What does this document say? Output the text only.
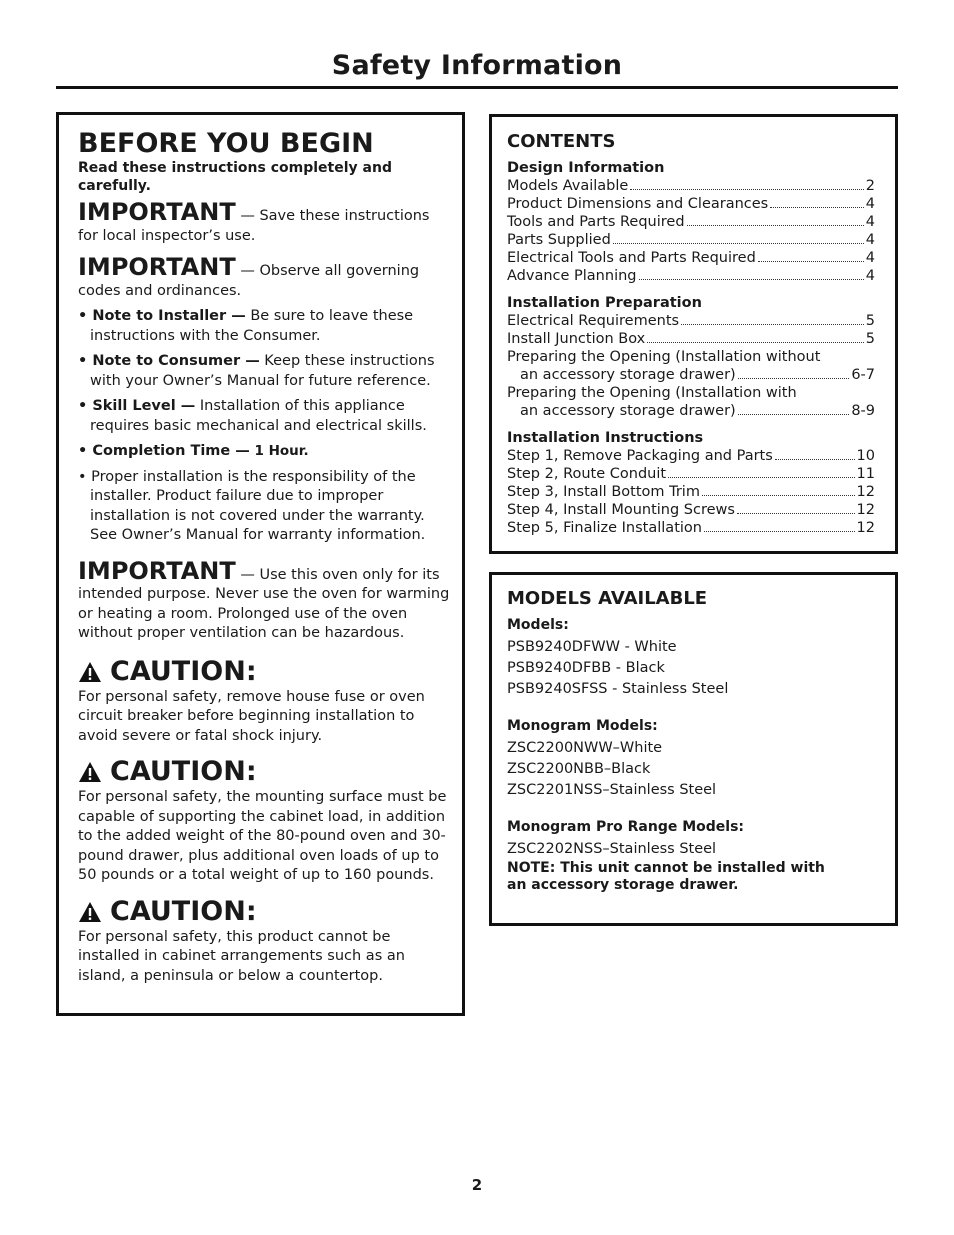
Safety Information

BEFORE YOU BEGIN

Read these instructions completely and carefully.

IMPORTANT — Save these instructions for local inspector’s use.

IMPORTANT — Observe all governing codes and ordinances.

• Note to Installer — Be sure to leave these instructions with the Consumer.

• Note to Consumer — Keep these instructions with your Owner’s Manual for future reference.

• Skill Level — Installation of this appliance requires basic mechanical and electrical skills.

• Completion Time — 1 Hour.

• Proper installation is the responsibility of the installer. Product failure due to improper installation is not covered under the warranty. See Owner’s Manual for warranty information.

IMPORTANT — Use this oven only for its intended purpose. Never use the oven for warming or heating a room. Prolonged use of the oven without proper ventilation can be hazardous.

CAUTION:

For personal safety, remove house fuse or oven circuit breaker before beginning installation to avoid severe or fatal shock injury.

CAUTION:

For personal safety, the mounting surface must be capable of supporting the cabinet load, in addition to the added weight of the 80-pound oven and 30-pound drawer, plus additional oven loads of up to 50 pounds or a total weight of up to 160 pounds.

CAUTION:

For personal safety, this product cannot be installed in cabinet arrangements such as an island, a peninsula or below a countertop.

CONTENTS

Design Information

Models Available	2
Product Dimensions and Clearances	4
Tools and Parts Required	4
Parts Supplied	4
Electrical Tools and Parts Required	4
Advance Planning	4

Installation Preparation

Electrical Requirements	5
Install Junction Box	5
Preparing the Opening (Installation without
an accessory storage drawer)	6-7
Preparing the Opening (Installation with
an accessory storage drawer)	8-9

Installation Instructions

Step 1, Remove Packaging and Parts	10
Step 2, Route Conduit	11
Step 3, Install Bottom Trim	12
Step 4, Install Mounting Screws	12
Step 5, Finalize Installation	12

MODELS AVAILABLE

Models:

PSB9240DFWW - White

PSB9240DFBB - Black

PSB9240SFSS - Stainless Steel

Monogram Models:

ZSC2200NWW–White

ZSC2200NBB–Black

ZSC2201NSS–Stainless Steel

Monogram Pro Range Models:

ZSC2202NSS–Stainless Steel

NOTE: This unit cannot be installed with an accessory storage drawer.

2
